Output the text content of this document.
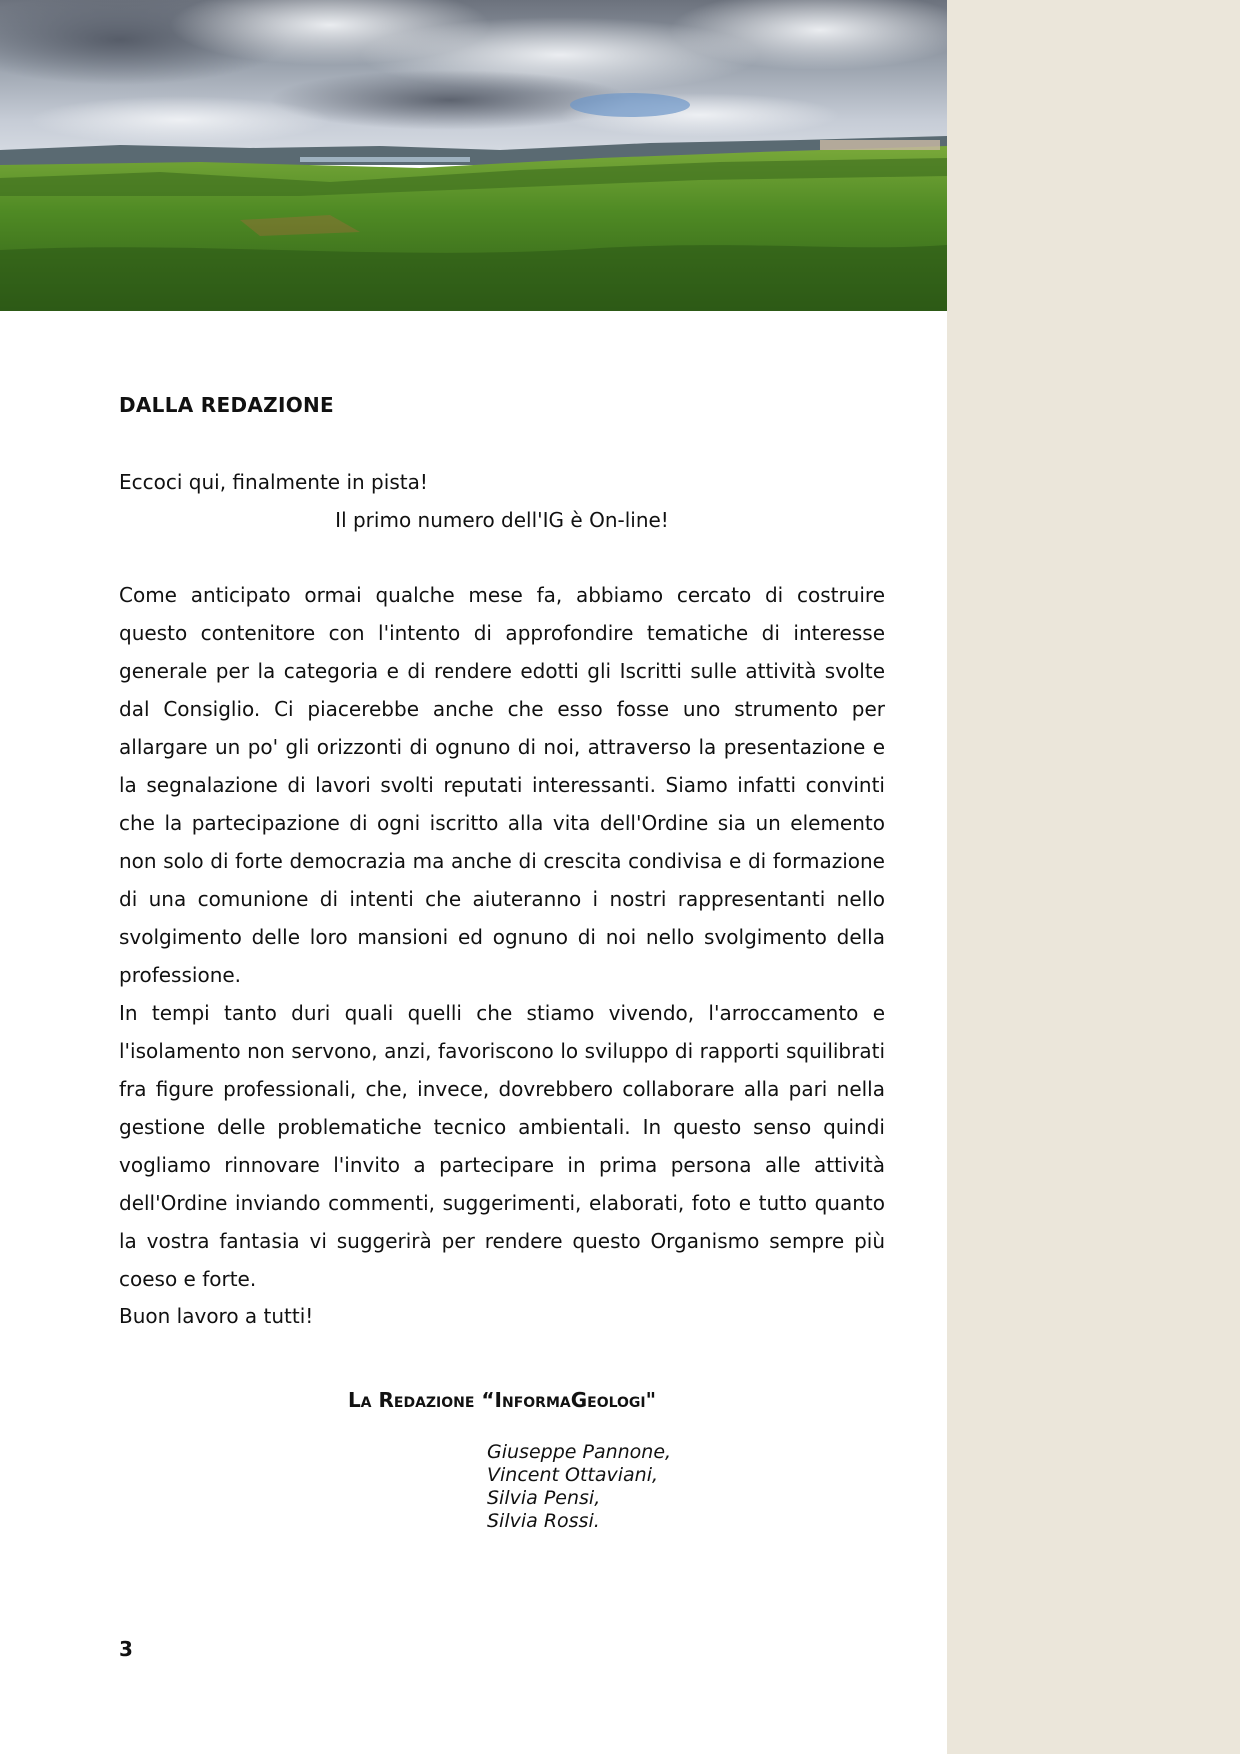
DALLA REDAZIONE

Eccoci qui, finalmente in pista!

Il primo numero dell'IG è On-line!

Come anticipato ormai qualche mese fa, abbiamo cercato di costruire questo contenitore con l'intento di approfondire tematiche di interesse generale per la categoria e di rendere edotti gli Iscritti sulle attività svolte dal Consiglio. Ci piacerebbe anche che esso fosse uno strumento per allargare un po' gli orizzonti di ognuno di noi, attraverso la presentazione e la segnalazione di lavori svolti reputati interessanti. Siamo infatti convinti che la partecipazione di ogni iscritto alla vita dell'Ordine sia un elemento non solo di forte democrazia ma anche di crescita condivisa e di formazione di una comunione di intenti che aiuteranno i nostri rappresentanti nello svolgimento delle loro mansioni ed ognuno di noi nello svolgimento della professione.

In tempi tanto duri quali quelli che stiamo vivendo, l'arroccamento e l'isolamento non servono, anzi, favoriscono lo sviluppo di rapporti squilibrati fra figure professionali, che, invece, dovrebbero collaborare alla pari nella gestione delle problematiche tecnico ambientali. In questo senso quindi vogliamo rinnovare l'invito a partecipare in prima persona alle attività dell'Ordine inviando commenti, suggerimenti, elaborati, foto e tutto quanto la vostra fantasia vi suggerirà per rendere questo Organismo sempre più coeso e forte.

Buon lavoro a tutti!

La Redazione “InformaGeologi"

Giuseppe Pannone,
Vincent Ottaviani,
Silvia Pensi,
Silvia Rossi.
3
